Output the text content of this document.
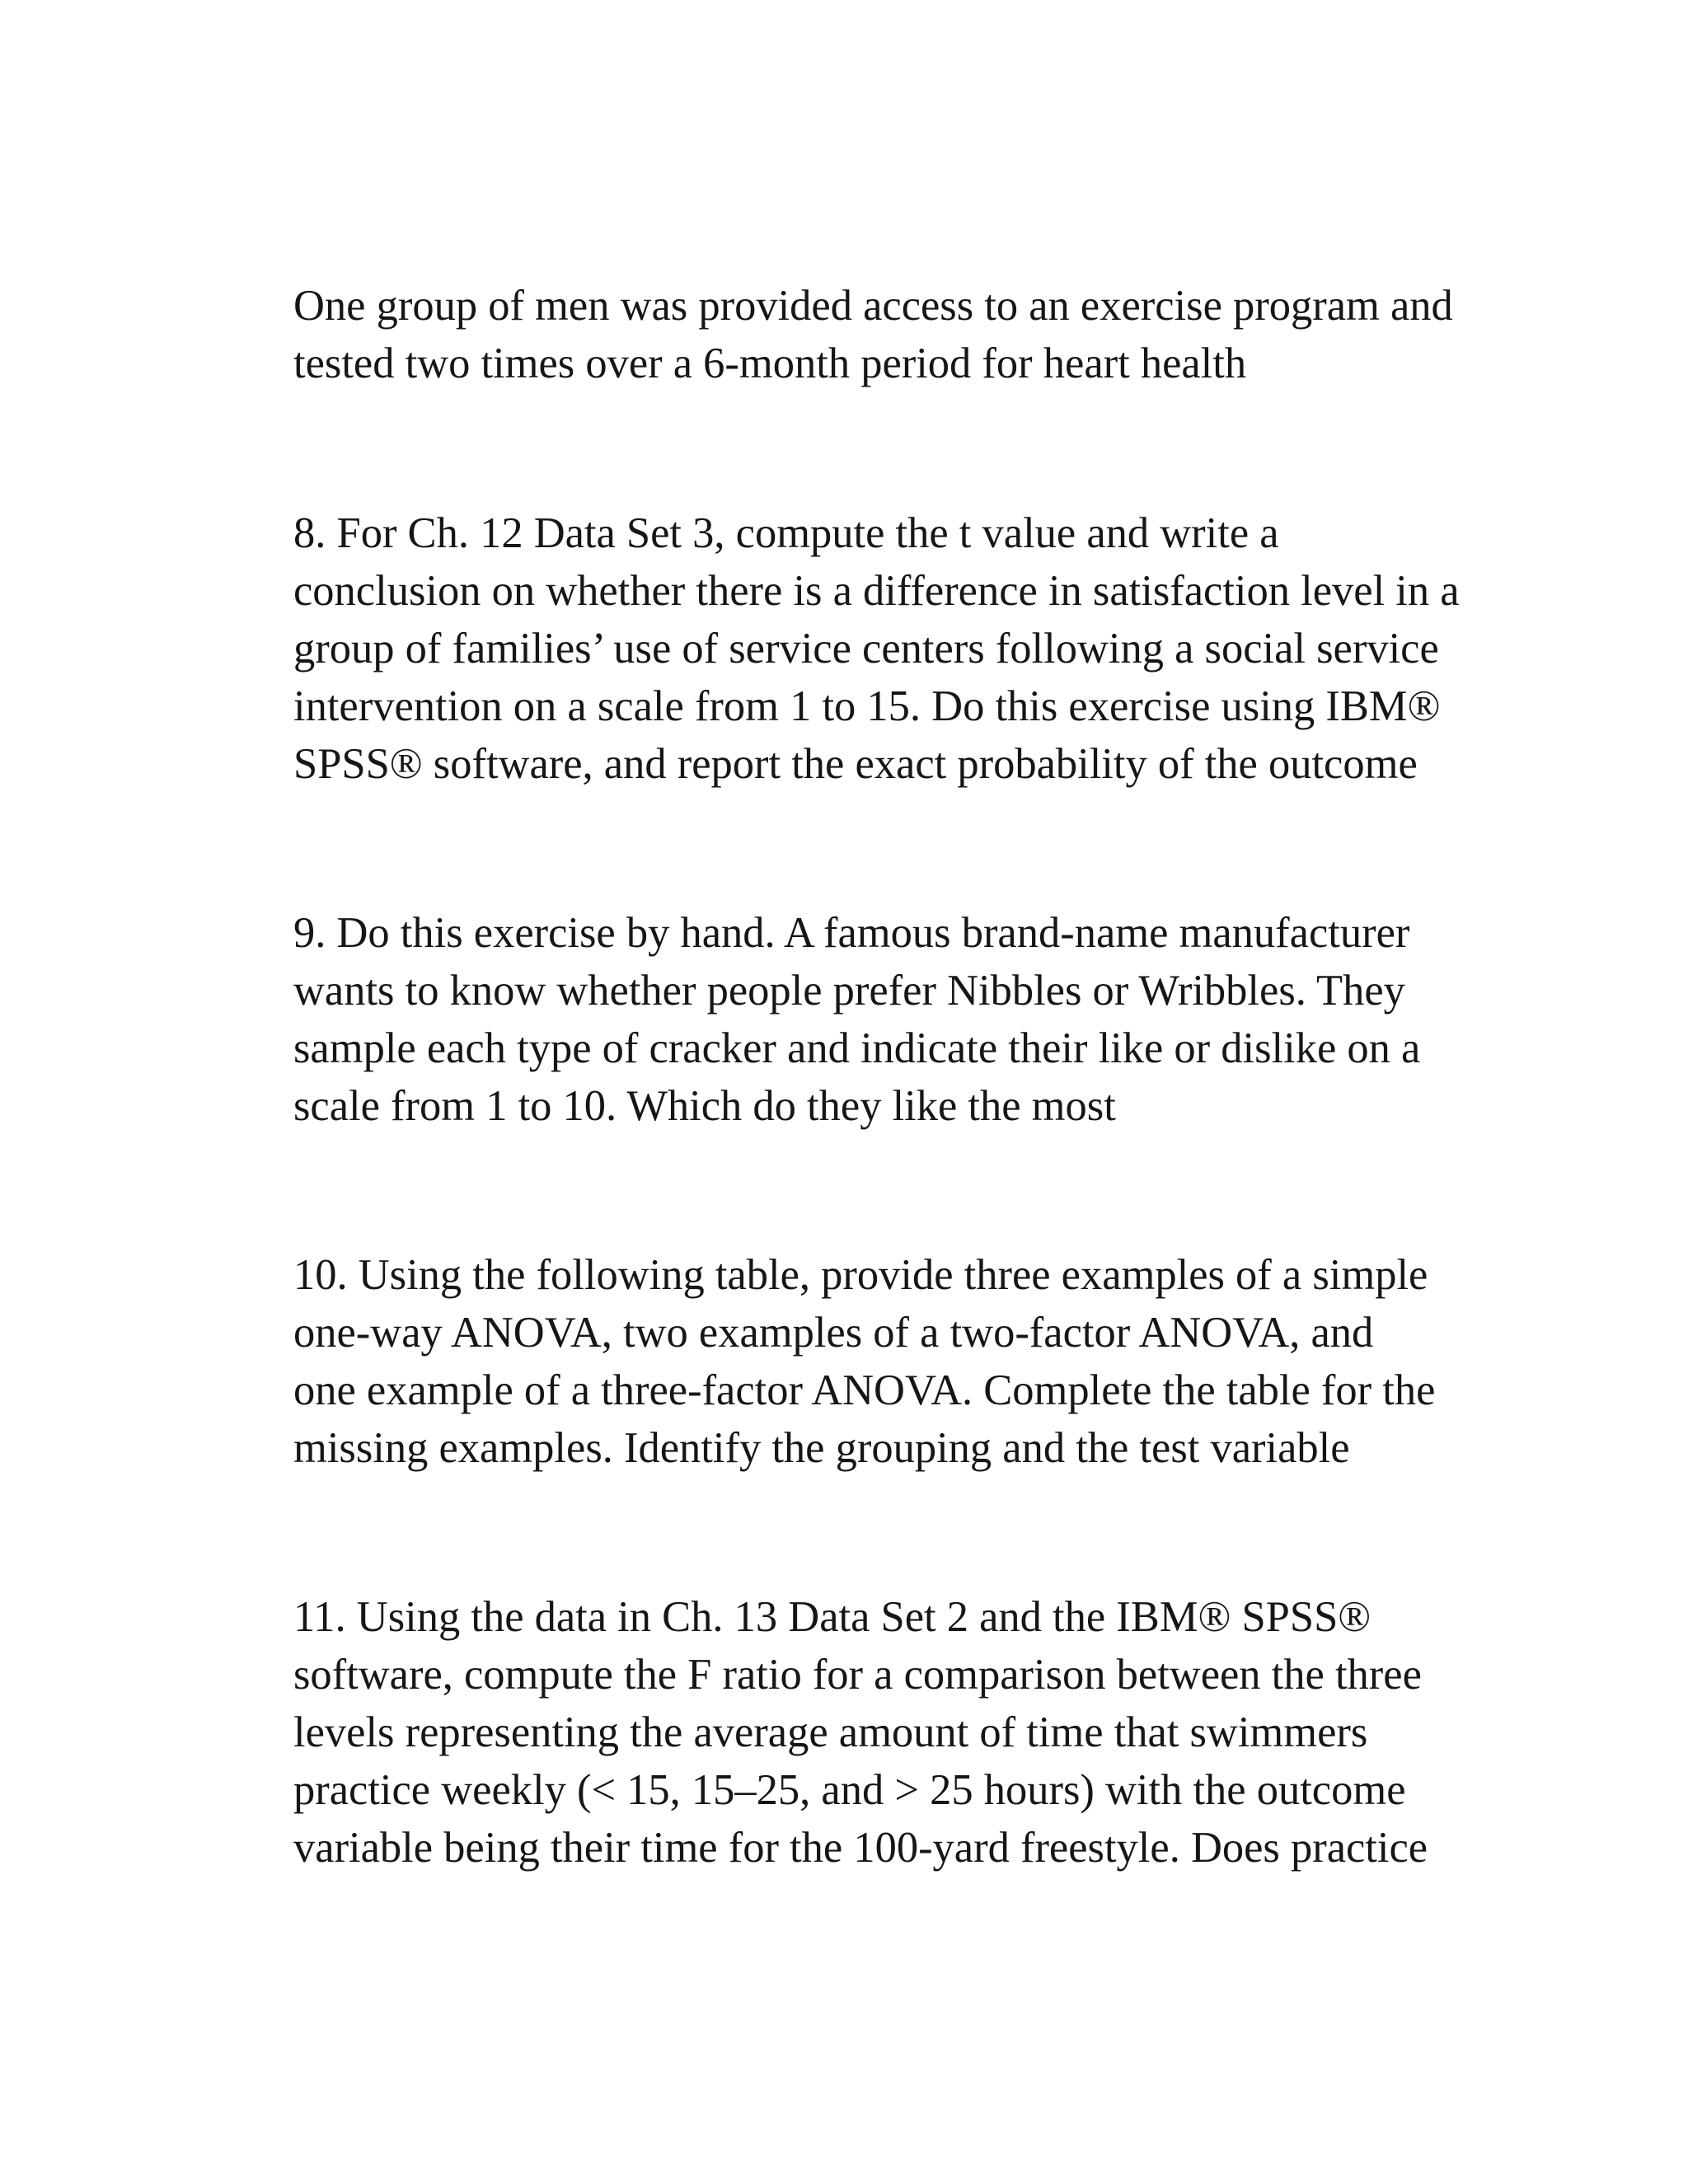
One group of men was provided access to an exercise program and
tested two times over a 6-month period for heart health

8. For Ch. 12 Data Set 3, compute the t value and write a
conclusion on whether there is a difference in satisfaction level in a
group of families’ use of service centers following a social service
intervention on a scale from 1 to 15. Do this exercise using IBM®
SPSS® software, and report the exact probability of the outcome

9. Do this exercise by hand. A famous brand-name manufacturer
wants to know whether people prefer Nibbles or Wribbles. They
sample each type of cracker and indicate their like or dislike on a
scale from 1 to 10. Which do they like the most

10. Using the following table, provide three examples of a simple
one-way ANOVA, two examples of a two-factor ANOVA, and
one example of a three-factor ANOVA. Complete the table for the
missing examples. Identify the grouping and the test variable

11. Using the data in Ch. 13 Data Set 2 and the IBM® SPSS®
software, compute the F ratio for a comparison between the three
levels representing the average amount of time that swimmers
practice weekly (< 15, 15–25, and > 25 hours) with the outcome
variable being their time for the 100-yard freestyle. Does practice
